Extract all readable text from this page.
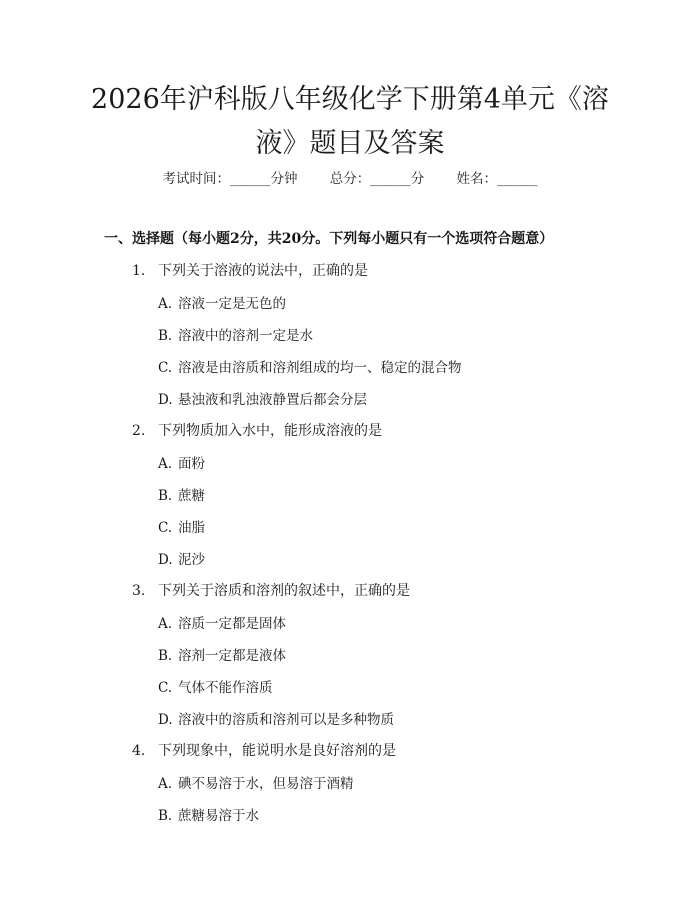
2026年沪科版八年级化学下册第4单元《溶液》题目及答案
考试时间：______分钟 总分：______分 姓名：______
一、选择题（每小题2分，共20分。下列每小题只有一个选项符合题意）
1. 下列关于溶液的说法中，正确的是
A. 溶液一定是无色的
B. 溶液中的溶剂一定是水
C. 溶液是由溶质和溶剂组成的均一、稳定的混合物
D. 悬浊液和乳浊液静置后都会分层
2. 下列物质加入水中，能形成溶液的是
A. 面粉
B. 蔗糖
C. 油脂
D. 泥沙
3. 下列关于溶质和溶剂的叙述中，正确的是
A. 溶质一定都是固体
B. 溶剂一定都是液体
C. 气体不能作溶质
D. 溶液中的溶质和溶剂可以是多种物质
4. 下列现象中，能说明水是良好溶剂的是
A. 碘不易溶于水，但易溶于酒精
B. 蔗糖易溶于水
